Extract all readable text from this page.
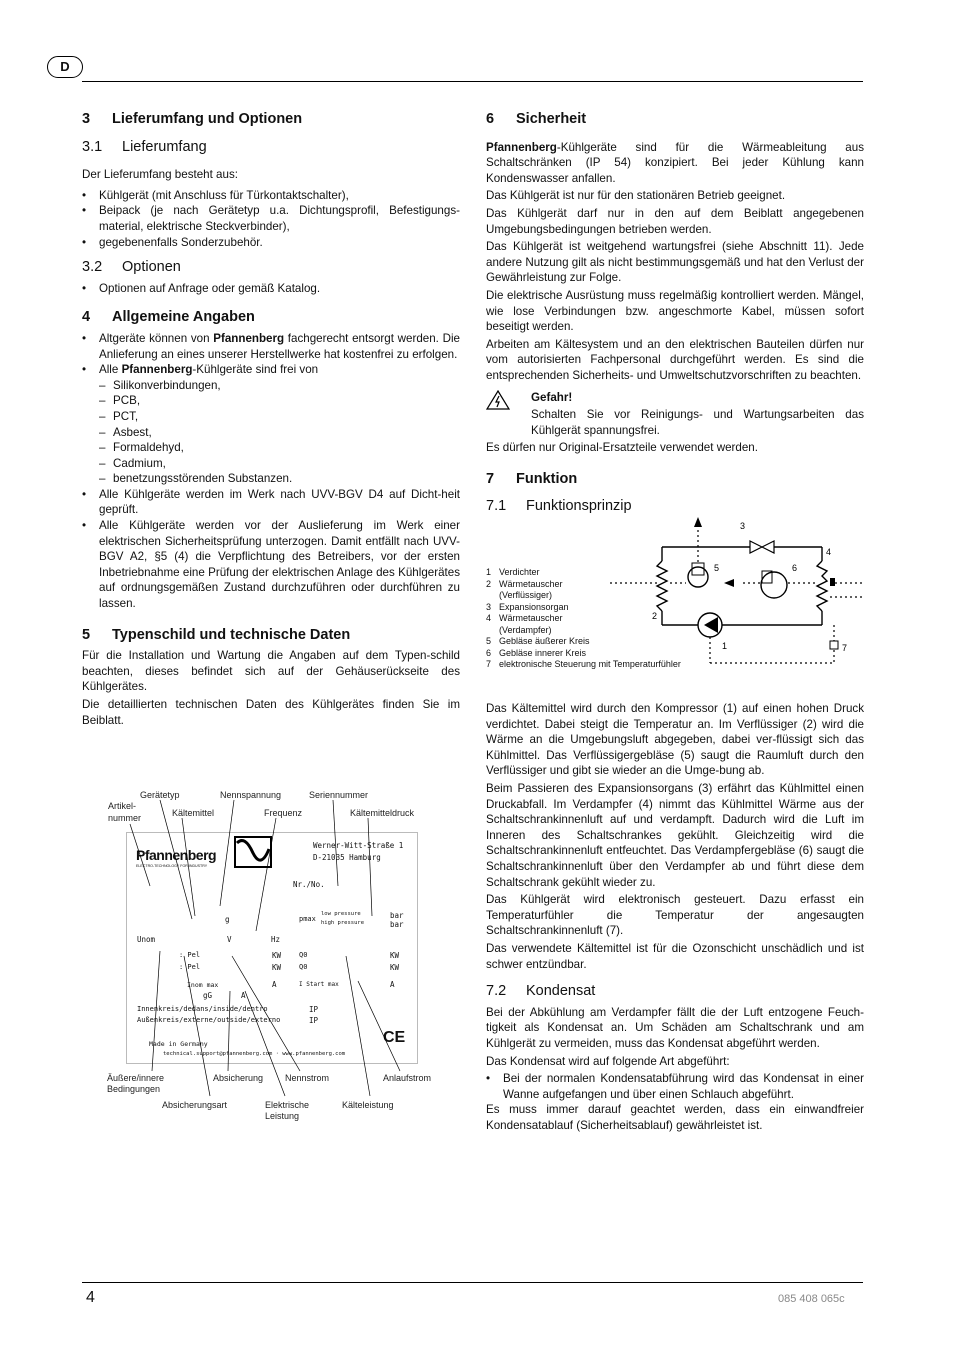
D
4	085 408 065c
3	Lieferumfang und Optionen
3.1	Lieferumfang

Der Lieferumfang besteht aus:

• Kühlgerät (mit Anschluss für Türkontaktschalter),
• Beipack (je nach Gerätetyp u.a. Dichtungsprofil, Befestigungs-material, elektrische Steckverbinder),
• gegebenenfalls Sonderzubehör.
3.2	Optionen
• Optionen auf Anfrage oder gemäß Katalog.
4	Allgemeine Angaben
• Altgeräte können von Pfannenberg fachgerecht entsorgt werden. Die Anlieferung an eines unserer Herstellwerke hat kostenfrei zu erfolgen.
• Alle Pfannenberg-Kühlgeräte sind frei von
– Silikonverbindungen,
– PCB,
– PCT,
– Asbest,
– Formaldehyd,
– Cadmium,
– benetzungsstörenden Substanzen.
• Alle Kühlgeräte werden im Werk nach UVV-BGV D4 auf Dicht-heit geprüft.
• Alle Kühlgeräte werden vor der Auslieferung im Werk einer elektrischen Sicherheitsprüfung unterzogen. Damit entfällt nach UVV-BGV A2, §5 (4) die Verpflichtung des Betreibers, vor der ersten Inbetriebnahme eine Prüfung der elektrischen Anlage des Kühlgerätes auf ordnungsgemäßen Zustand durchzuführen oder durchführen zu lassen.
5	Typenschild und technische Daten

Für die Installation und Wartung die Angaben auf dem Typen-schild beachten, dieses befindet sich auf der Gehäuserückseite des Kühlgerätes.

Die detaillierten technischen Daten des Kühlgerätes finden Sie im Beiblatt.

Gerätetyp	Nennspannung	Seriennummer
Artikel-
nummer	Kältemittel	Frequenz	Kältemitteldruck
Pfannenberg
ELECTRO-TECHNOLOGY FOR INDUSTRY
Werner-Witt-Straße 1
D-21035 Hamburg
Nr./No.
g	pmax
low pressure
high pressure
bar
bar
Unom	V	Hz
: Pel
: Pel
KW
KW
Q0
Q0
KW
KW
Inom max	A	I Start max	A
gG	A
Innenkreis/dedans/inside/dentro
Außenkreis/externe/outside/externo
IP
IP
Made in Germany
technical.support@pfannenberg.com · www.pfannenberg.com
CE
Äußere/innere
Bedingungen
Absicherung Nennstrom	Anlaufstrom
Absicherungsart	Elektrische
Leistung
Kälteleistung
6	Sicherheit

Pfannenberg-Kühlgeräte sind für die Wärmeableitung aus Schaltschränken (IP 54) konzipiert. Bei jeder Kühlung kann Kondenswasser anfallen.

Das Kühlgerät ist nur für den stationären Betrieb geeignet.

Das Kühlgerät darf nur in den auf dem Beiblatt angegebenen Umgebungsbedingungen betrieben werden.

Das Kühlgerät ist weitgehend wartungsfrei (siehe Abschnitt 11). Jede andere Nutzung gilt als nicht bestimmungsgemäß und hat den Verlust der Gewährleistung zur Folge.

Die elektrische Ausrüstung muss regelmäßig kontrolliert werden. Mängel, wie lose Verbindungen bzw. angeschmorte Kabel, müssen sofort beseitigt werden.

Arbeiten am Kältesystem und an den elektrischen Bauteilen dürfen nur vom autorisierten Fachpersonal durchgeführt werden. Es sind die entsprechenden Sicherheits- und Umweltschutzvorschriften zu beachten.

Gefahr!

Schalten Sie vor Reinigungs- und Wartungsarbeiten das Kühlgerät spannungsfrei.

Es dürfen nur Original-Ersatzteile verwendet werden.

7	Funktion
7.1	Funktionsprinzip
1 Verdichter
2 Wärmetauscher (Verflüssiger)
3 Expansionsorgan
4 Wärmetauscher (Verdampfer)
5 Gebläse äußerer Kreis
6 Gebläse innerer Kreis
7 elektronische Steuerung mit Temperaturfühler
3
5	6
4
2
1	7

Das Kältemittel wird durch den Kompressor (1) auf einen hohen Druck verdichtet. Dabei steigt die Temperatur an. Im Verflüssiger (2) wird die Wärme an die Umgebungsluft abgegeben, dabei ver-flüssigt sich das Kühlmittel. Das Verflüssigergebläse (5) saugt die Raumluft durch den Verflüssiger und gibt sie wieder an die Umge-bung ab.

Beim Passieren des Expansionsorgans (3) erfährt das Kühlmittel einen Druckabfall. Im Verdampfer (4) nimmt das Kühlmittel Wärme aus der Schaltschrankinnenluft auf und verdampft. Dadurch wird die Luft im Inneren des Schaltschrankes gekühlt. Gleichzeitig wird die Schaltschrankinnenluft entfeuchtet. Das Verdampfergebläse (6) saugt die Schaltschrankinnenluft über den Verdampfer ab und führt diese dem Schaltschrank gekühlt wieder zu.

Das Kühlgerät wird elektronisch gesteuert. Dazu erfasst ein Temperaturfühler die Temperatur der angesaugten Schaltschrankinnenluft (7).

Das verwendete Kältemittel ist für die Ozonschicht unschädlich und ist schwer entzündbar.

7.2	Kondensat

Bei der Abkühlung am Verdampfer fällt die der Luft entzogene Feuch-tigkeit als Kondensat an. Um Schäden am Schaltschrank und am Kühlgerät zu vermeiden, muss das Kondensat abgeführt werden.

Das Kondensat wird auf folgende Art abgeführt:

• Bei der normalen Kondensatabführung wird das Kondensat in einer Wanne aufgefangen und über einen Schlauch abgeführt.

Es muss immer darauf geachtet werden, dass ein einwandfreier Kondensatablauf (Sicherheitsablauf) gewährleistet ist.
